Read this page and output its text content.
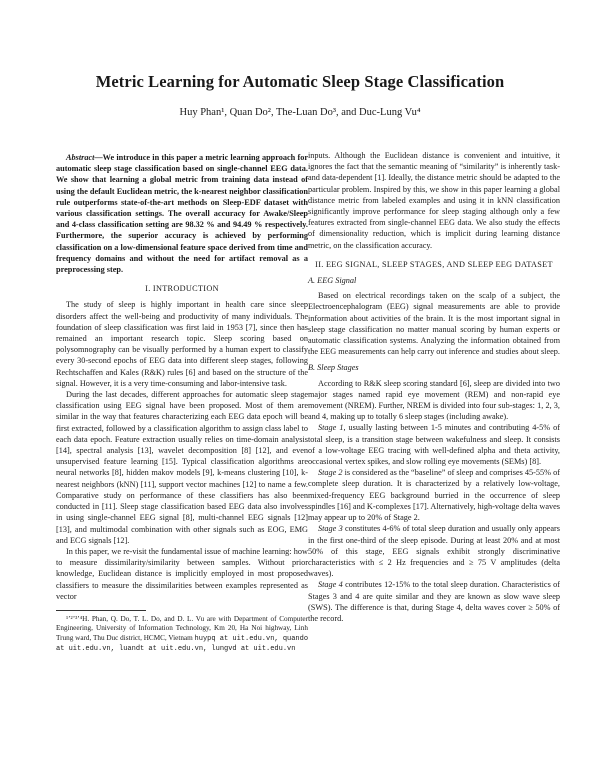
Metric Learning for Automatic Sleep Stage Classification
Huy Phan¹, Quan Do², The-Luan Do³, and Duc-Lung Vu⁴

Abstract—We introduce in this paper a metric learning approach for automatic sleep stage classification based on single-channel EEG data. We show that learning a global metric from training data instead of using the default Euclidean metric, the k-nearest neighbor classification rule outperforms state-of-the-art methods on Sleep-EDF dataset with various classification settings. The overall accuracy for Awake/Sleep and 4-class classification setting are 98.32 % and 94.49 % respectively. Furthermore, the superior accuracy is achieved by performing classification on a low-dimensional feature space derived from time and frequency domains and without the need for artifact removal as a preprocessing step.

I. INTRODUCTION

The study of sleep is highly important in health care since sleep disorders affect the well-being and productivity of many individuals. The foundation of sleep classification was first laid in 1953 [7], since then has remained an important research topic. Sleep scoring based on polysomnography can be visually performed by a human expert to classify every 30-second epochs of EEG data into different sleep stages, following Rechtschaffen and Kales (R&K) rules [6] and based on the structure of the signal. However, it is a very time-consuming and labor-intensive task.

During the last decades, different approaches for automatic sleep stage classification using EEG signal have been proposed. Most of them are similar in the way that features characterizing each EEG data epoch will be first extracted, followed by a classification algorithm to assign class label to each data epoch. Feature extraction usually relies on time-domain analysis [14], spectral analysis [13], wavelet decomposition [8] [12], and even unsupervised feature learning [15]. Typical classification algorithms are neural networks [8], hidden makov models [9], k-means clustering [10], k-nearest neighbors (kNN) [11], support vector machines [12] to name a few. Comparative study on performance of these classifiers has also been conducted in [11]. Sleep stage classification based EEG data also involves in using single-channel EEG signal [8], multi-channel EEG signals [12] [13], and multimodal combination with other signals such as EOG, EMG and ECG signals [12].

In this paper, we re-visit the fundamental issue of machine learning: how to measure dissimilarity/similarity between samples. Without prior knowledge, Euclidean distance is implicitly employed in most proposed classifiers to measure the dissimilarities between examples represented as vector

¹’²’³’⁴H. Phan, Q. Do, T. L. Do, and D. L. Vu are with Department of Computer Engineering, University of Information Technology, Km 20, Ha Noi highway, Linh Trung ward, Thu Duc district, HCMC, Vietnam huypq at uit.edu.vn, quando at uit.edu.vn, luandt at uit.edu.vn, lungvd at uit.edu.vn

inputs. Although the Euclidean distance is convenient and intuitive, it ignores the fact that the semantic meaning of “similarity” is inherently task- and data-dependent [1]. Ideally, the distance metric should be adapted to the particular problem. Inspired by this, we show in this paper learning a global distance metric from labeled examples and using it in kNN classification significantly improve performance for sleep staging although only a few features extracted from single-channel EEG data. We also study the effects of dimensionality reduction, which is implicit during learning distance metric, on the classification accuracy.

II. EEG SIGNAL, SLEEP STAGES, AND SLEEP EEG DATASET
A. EEG Signal

Based on electrical recordings taken on the scalp of a subject, the Electroencephalogram (EEG) signal measurements are able to provide information about activities of the brain. It is the most important signal in sleep stage classification no matter manual scoring by human experts or automatic classification systems. Analyzing the information obtained from the EEG measurements can help carry out inference and studies about sleep.

B. Sleep Stages

According to R&K sleep scoring standard [6], sleep are divided into two major stages named rapid eye movement (REM) and non-rapid eye movement (NREM). Further, NREM is divided into four sub-stages: 1, 2, 3, and 4, making up to totally 6 sleep stages (including awake).

Stage 1, usually lasting between 1-5 minutes and contributing 4-5% of total sleep, is a transition stage between wakefulness and sleep. It consists of a low-voltage EEG tracing with well-defined alpha and theta activity, occasional vertex spikes, and slow rolling eye movements (SEMs) [8].

Stage 2 is considered as the “baseline” of sleep and comprises 45-55% of complete sleep duration. It is characterized by a relatively low-voltage, mixed-frequency EEG background burried in the occurrence of sleep spindles [16] and K-complexes [17]. Alternatively, high-voltage delta waves may appear up to 20% of Stage 2.

Stage 3 constitutes 4-6% of total sleep duration and usually only appears in the first one-third of the sleep episode. During at least 20% and at most 50% of this stage, EEG signals exhibit strongly discriminative characteristics with ≤ 2 Hz frequencies and ≥ 75 V amplitudes (delta waves).

Stage 4 contributes 12-15% to the total sleep duration. Characteristics of Stages 3 and 4 are quite similar and they are known as slow wave sleep (SWS). The difference is that, during Stage 4, delta waves cover ≥ 50% of the record.
